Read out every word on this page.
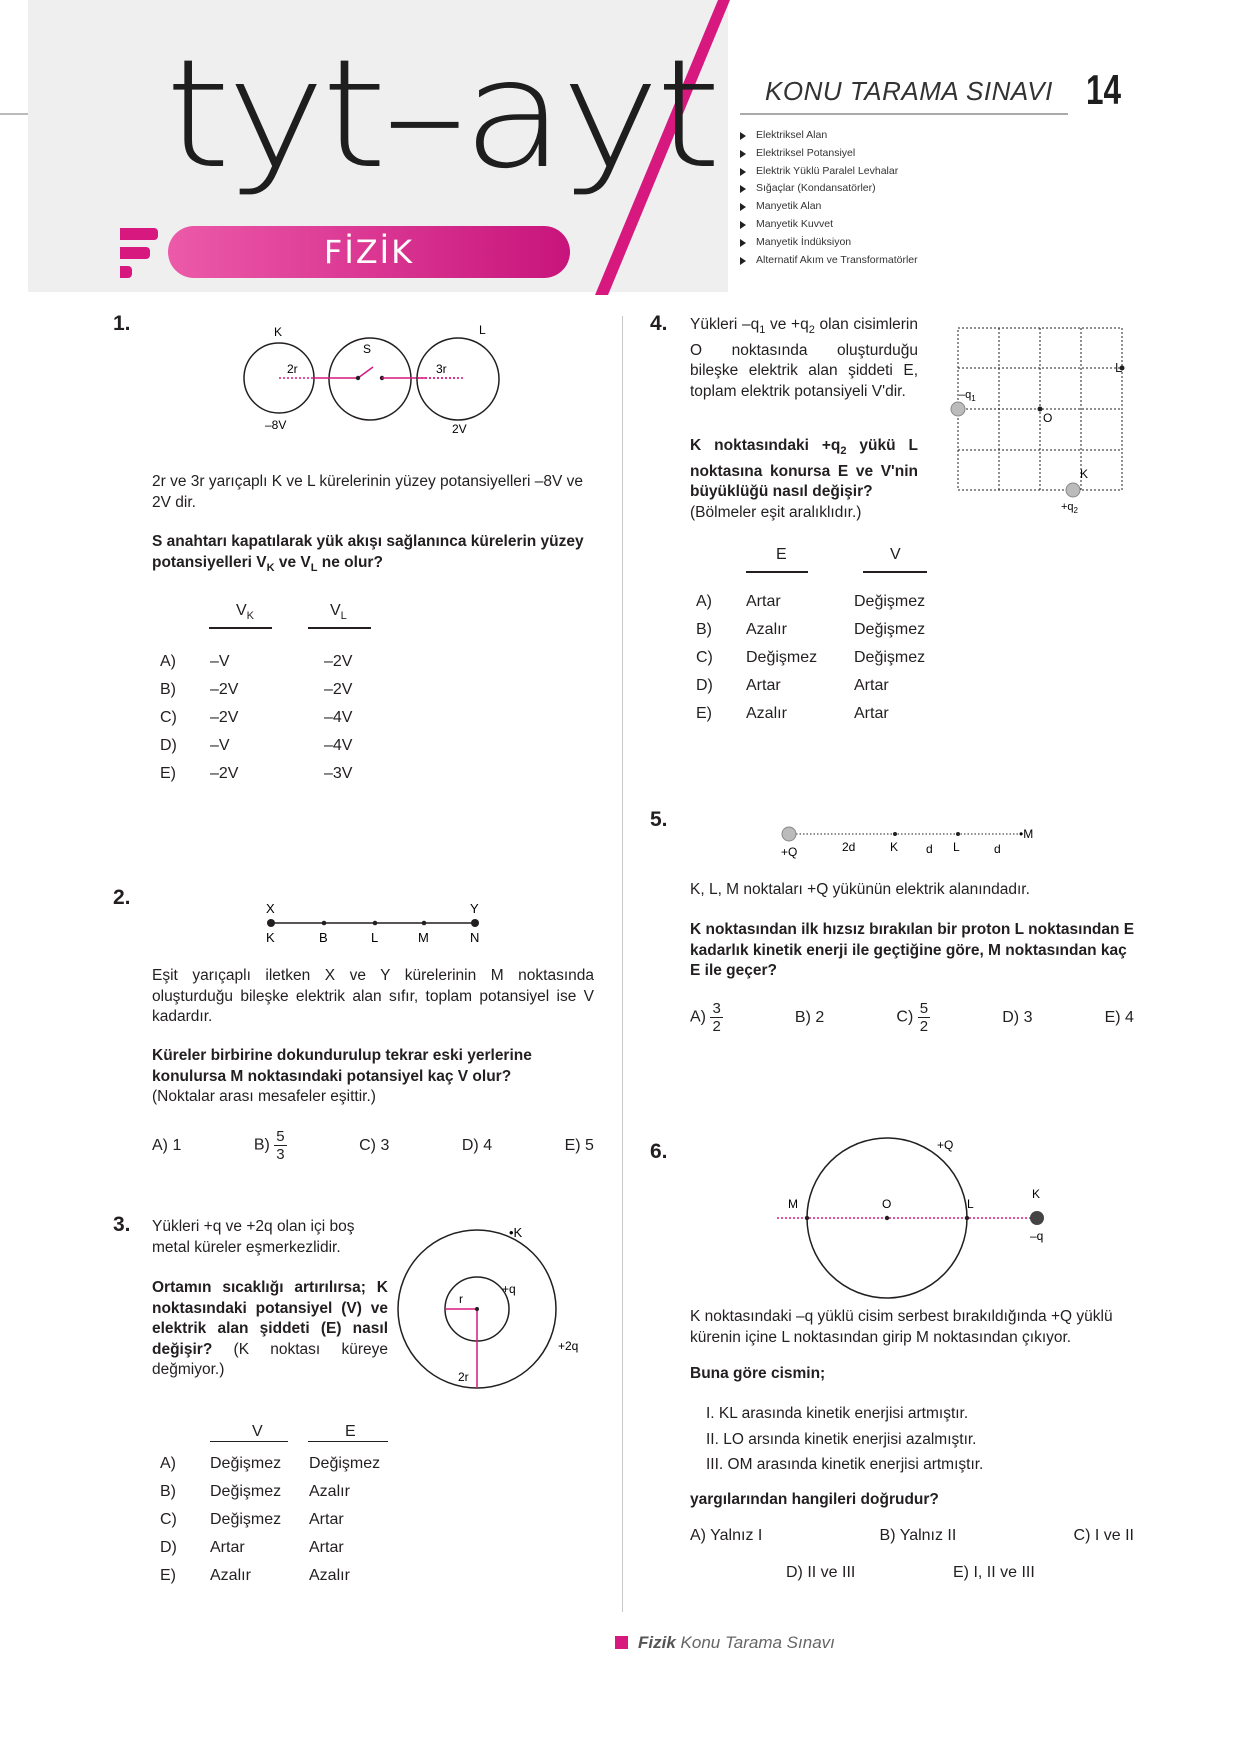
tyt–ayt
FİZİK
KONU TARAMA SINAVI 14
Elektriksel Alan
Elektriksel Potansiyel
Elektrik Yüklü Paralel Levhalar
Sığaçlar (Kondansatörler)
Manyetik Alan
Manyetik Kuvvet
Manyetik İndüksiyon
Alternatif Akım ve Transformatörler
1.	K
S
2r
–8V
L
3r
2V
2r ve 3r yarıçaplı K ve L kürelerinin yüzey potansiyelleri –8V ve 2V dir.
S anahtarı kapatılarak yük akışı sağlanınca kürelerin yüzey potansiyelleri $V_K$ ve $V_L$ ne olur?
$V_K$	$V_L$
A) –V	–2V
B) –2V	–2V
C) –2V	–4V
D) –V	–4V
E) –2V	–3V
2.	X	Y
K	B	L	M	N
Eşit yarıçaplı iletken X ve Y kürelerinin M noktasında oluşturduğu bileşke elektrik alan sıfır, toplam potansiyel ise V kadardır.
Küreler birbirine dokundurulup tekrar eski yerlerine konulursa M noktasındaki potansiyel kaç V olur?
(Noktalar arası mesafeler eşittir.)
A) 1	$B) \frac{5}{3}$	C) 3	D) 4	E) 5
3. Yükleri +q ve +2q olan içi boş metal küreler eşmerkezlidir.
Ortamın sıcaklığı artırılırsa; K noktasındaki potansiyel (V) ve elektrik alan şiddeti (E) nasıl değişir? (K noktası küreye değmiyor.)
•K
+q
+2q
r
2r
V	E
A) Değişmez Değişmez
B) Değişmez Azalır
C) Değişmez Artar
D) Artar	Artar
E) Azalır	Azalır
4. Yükleri $-q_1$ ve $+q_2$ olan cisimlerin O noktasında oluşturduğu bileşke elektrik alan şiddeti E, toplam elektrik potansiyeli V'dir.
K noktasındaki $+q_2$ yükü L noktasına konursa E ve V'nin büyüklüğü nasıl değişir?
(Bölmeler eşit aralıklıdır.)
$-q_1$
O
K
$+q_2$
L
E	V
A) Artar	Değişmez
B) Azalır	Değişmez
C) Değişmez Değişmez
D) Artar	Artar
E) Azalır	Artar
5.
+Q	2d	K d L	d
•M
K, L, M noktaları +Q yükünün elektrik alanındadır.
K noktasından ilk hızsız bırakılan bir proton L noktasından E kadarlık kinetik enerji ile geçtiğine göre, M noktasından kaç E ile geçer?
$A) \frac{3}{2}$	B) 2	$C) \frac{5}{2}$	D) 3	E) 4
6.	+Q
M	O	L
K
–q
K noktasındaki –q yüklü cisim serbest bırakıldığında +Q yüklü kürenin içine L noktasından girip M noktasından çıkıyor.
Buna göre cismin;
I. KL arasında kinetik enerjisi artmıştır.
II. LO arsında kinetik enerjisi azalmıştır.
III. OM arasında kinetik enerjisi artmıştır.
yargılarından hangileri doğrudur?
A) Yalnız I	B) Yalnız II	C) I ve II
D) II ve III	E) I, II ve III
Fizik Konu Tarama Sınavı
